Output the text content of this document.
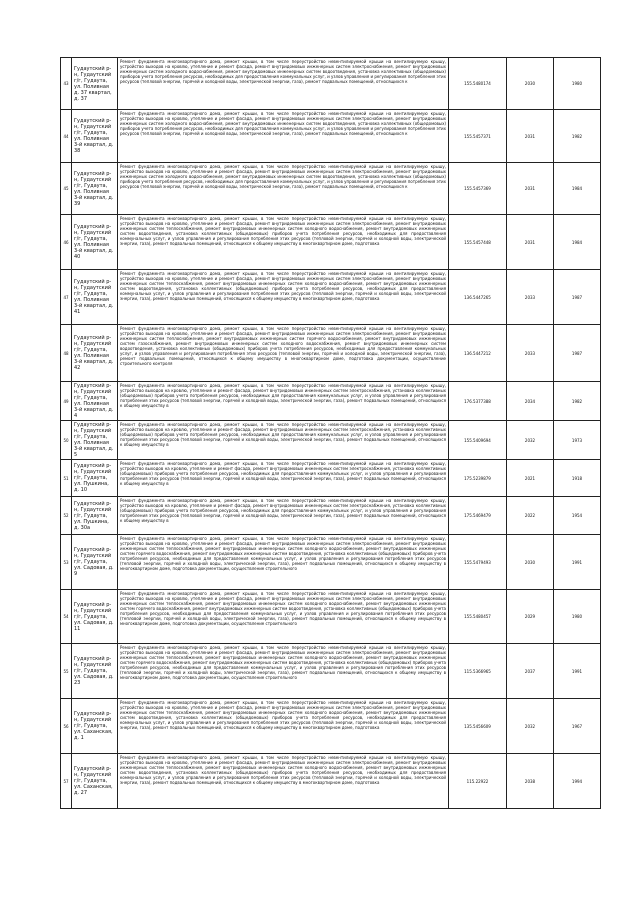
43	Гудаутский р-н, Гудаутский г/г, Гудаута, ул. Поливная д. 37 квартал, д. 37	Ремонт фундамента многоквартирного дома, ремонт крыши, в том числе переустройство невентилируемой крыши на вентилируемую крышу, устройство выходов на кровлю, утепление и ремонт фасада, ремонт внутридомовых инженерных систем электроснабжения, ремонт внутридомовых инженерных систем холодного водоснабжения, ремонт внутридомовых инженерных систем водоотведения, установка коллективных (общедомовых) приборов учета потребления ресурсов, необходимых для предоставления коммунальных услуг, и узлов управления и регулирования потребления этих ресурсов (тепловой энергии, горячей и холодной воды, электрической энергии, газа), ремонт подвальных помещений, относящихся к	155.5480174	2030	1980
44	Гудаутский р-н, Гудаутский г/г, Гудаута, ул. Поливная 3-й квартал, д. 38	Ремонт фундамента многоквартирного дома, ремонт крыши, в том числе переустройство невентилируемой крыши на вентилируемую крышу, устройство выходов на кровлю, утепление и ремонт фасада, ремонт внутридомовых инженерных систем электроснабжения, ремонт внутридомовых инженерных систем холодного водоснабжения, ремонт внутридомовых инженерных систем водоотведения, установка коллективных (общедомовых) приборов учета потребления ресурсов, необходимых для предоставления коммунальных услуг, и узлов управления и регулирования потребления этих ресурсов (тепловой энергии, горячей и холодной воды, электрической энергии, газа), ремонт подвальных помещений, относящихся к	155.5457371	2031	1982
45	Гудаутский р-н, Гудаутский г/г, Гудаута, ул. Поливная 3-й квартал, д. 39	Ремонт фундамента многоквартирного дома, ремонт крыши, в том числе переустройство невентилируемой крыши на вентилируемую крышу, устройство выходов на кровлю, утепление и ремонт фасада, ремонт внутридомовых инженерных систем электроснабжения, ремонт внутридомовых инженерных систем холодного водоснабжения, ремонт внутридомовых инженерных систем водоотведения, установка коллективных (общедомовых) приборов учета потребления ресурсов, необходимых для предоставления коммунальных услуг, и узлов управления и регулирования потребления этих ресурсов (тепловой энергии, горячей и холодной воды, электрической энергии, газа), ремонт подвальных помещений, относящихся к	155.5457369	2031	1984
46	Гудаутский р-н, Гудаутский г/г, Гудаута, ул. Поливная 3-й квартал, д. 40	Ремонт фундамента многоквартирного дома, ремонт крыши, в том числе переустройство невентилируемой крыши на вентилируемую крышу, устройство выходов на кровлю, утепление и ремонт фасада, ремонт внутридомовых инженерных систем электроснабжения, ремонт внутридомовых инженерных систем теплоснабжения, ремонт внутридомовых инженерных систем холодного водоснабжения, ремонт внутридомовых инженерных систем водоотведения, установка коллективных (общедомовых) приборов учета потребления ресурсов, необходимых для предоставления коммунальных услуг, и узлов управления и регулирования потребления этих ресурсов (тепловой энергии, горячей и холодной воды, электрической энергии, газа), ремонт подвальных помещений, относящихся к общему имуществу в многоквартирном доме, подготовка	155.5457448	2031	1984
47	Гудаутский р-н, Гудаутский г/г, Гудаута, ул. Поливная 3-й квартал, д. 41	Ремонт фундамента многоквартирного дома, ремонт крыши, в том числе переустройство невентилируемой крыши на вентилируемую крышу, устройство выходов на кровлю, утепление и ремонт фасада, ремонт внутридомовых инженерных систем электроснабжения, ремонт внутридомовых инженерных систем теплоснабжения, ремонт внутридомовых инженерных систем холодного водоснабжения, ремонт внутридомовых инженерных систем водоотведения, установка коллективных (общедомовых) приборов учета потребления ресурсов, необходимых для предоставления коммунальных услуг, и узлов управления и регулирования потребления этих ресурсов (тепловой энергии, горячей и холодной воды, электрической энергии, газа), ремонт подвальных помещений, относящихся к общему имуществу в многоквартирном доме, подготовка	136.5447265	2033	1987
48	Гудаутский р-н, Гудаутский г/г, Гудаута, ул. Поливная 3-й квартал, д. 42	Ремонт фундамента многоквартирного дома, ремонт крыши, в том числе переустройство невентилируемой крыши на вентилируемую крышу, устройство выходов на кровлю, утепление и ремонт фасада, ремонт внутридомовых инженерных систем электроснабжения, ремонт внутридомовых инженерных систем теплоснабжения, ремонт внутридомовых инженерных систем горячего водоснабжения, ремонт внутридомовых инженерных систем газоснабжения, ремонт внутридомовых инженерных систем холодного водоснабжения, ремонт внутридомовых инженерных систем водоотведения, установка коллективных (общедомовых) приборов учета потребления ресурсов, необходимых для предоставления коммунальных услуг, и узлов управления и регулирования потребления этих ресурсов (тепловой энергии, горячей и холодной воды, электрической энергии, газа), ремонт подвальных помещений, относящихся к общему имуществу в многоквартирном доме, подготовка документации, осуществление строительного контроля	136.5447212	2033	1987
49	Гудаутский р-н, Гудаутский г/г, Гудаута, ул. Поливная 3-й квартал, д. 4	Ремонт фундамента многоквартирного дома, ремонт крыши, в том числе переустройство невентилируемой крыши на вентилируемую крышу, устройство выходов на кровлю, утепление и ремонт фасада, ремонт внутридомовых инженерных систем электроснабжения, установка коллективных (общедомовых) приборов учета потребления ресурсов, необходимых для предоставления коммунальных услуг, и узлов управления и регулирования потребления этих ресурсов (тепловой энергии, горячей и холодной воды, электрической энергии, газа), ремонт подвальных помещений, относящихся к общему имуществу в	176.5377388	2034	1982
50	Гудаутский р-н, Гудаутский г/г, Гудаута, ул. Поливная 3-й квартал, д. 5	Ремонт фундамента многоквартирного дома, ремонт крыши, в том числе переустройство невентилируемой крыши на вентилируемую крышу, устройство выходов на кровлю, утепление и ремонт фасада, ремонт внутридомовых инженерных систем электроснабжения, установка коллективных (общедомовых) приборов учета потребления ресурсов, необходимых для предоставления коммунальных услуг, и узлов управления и регулирования потребления этих ресурсов (тепловой энергии, горячей и холодной воды, электрической энергии, газа), ремонт подвальных помещений, относящихся к общему имуществу в	155.5409694	2032	1973
51	Гудаутский р-н, Гудаутский г/г, Гудаута, ул. Пушкина, д. 10	Ремонт фундамента многоквартирного дома, ремонт крыши, в том числе переустройство невентилируемой крыши на вентилируемую крышу, устройство выходов на кровлю, утепление и ремонт фасада, ремонт внутридомовых инженерных систем электроснабжения, установка коллективных (общедомовых) приборов учета потребления ресурсов, необходимых для предоставления коммунальных услуг, и узлов управления и регулирования потребления этих ресурсов (тепловой энергии, горячей и холодной воды, электрической энергии, газа), ремонт подвальных помещений, относящихся к общему имуществу в	175.5239879	2021	1918
52	Гудаутский р-н, Гудаутский г/г, Гудаута, ул. Пушкина, д. 30а	Ремонт фундамента многоквартирного дома, ремонт крыши, в том числе переустройство невентилируемой крыши на вентилируемую крышу, устройство выходов на кровлю, утепление и ремонт фасада, ремонт внутридомовых инженерных систем электроснабжения, установка коллективных (общедомовых) приборов учета потребления ресурсов, необходимых для предоставления коммунальных услуг, и узлов управления и регулирования потребления этих ресурсов (тепловой энергии, горячей и холодной воды, электрической энергии, газа), ремонт подвальных помещений, относящихся к общему имуществу в	175.5469479	2022	1954
53	Гудаутский р-н, Гудаутский г/г, Гудаута, ул. Садовая, д. 9	Ремонт фундамента многоквартирного дома, ремонт крыши, в том числе переустройство невентилируемой крыши на вентилируемую крышу, устройство выходов на кровлю, утепление и ремонт фасада, ремонт внутридомовых инженерных систем электроснабжения, ремонт внутридомовых инженерных систем теплоснабжения, ремонт внутридомовых инженерных систем холодного водоснабжения, ремонт внутридомовых инженерных систем горячего водоснабжения, ремонт внутридомовых инженерных систем водоотведения, установка коллективных (общедомовых) приборов учета потребления ресурсов, необходимых для предоставления коммунальных услуг, и узлов управления и регулирования потребления этих ресурсов (тепловой энергии, горячей и холодной воды, электрической энергии, газа), ремонт подвальных помещений, относящихся к общему имуществу в многоквартирном доме, подготовка документации, осуществление строительного	155.5479493	2030	1991
54	Гудаутский р-н, Гудаутский г/г, Гудаута, ул. Садовая, д. 11	Ремонт фундамента многоквартирного дома, ремонт крыши, в том числе переустройство невентилируемой крыши на вентилируемую крышу, устройство выходов на кровлю, утепление и ремонт фасада, ремонт внутридомовых инженерных систем электроснабжения, ремонт внутридомовых инженерных систем теплоснабжения, ремонт внутридомовых инженерных систем холодного водоснабжения, ремонт внутридомовых инженерных систем горячего водоснабжения, ремонт внутридомовых инженерных систем водоотведения, установка коллективных (общедомовых) приборов учета потребления ресурсов, необходимых для предоставления коммунальных услуг, и узлов управления и регулирования потребления этих ресурсов (тепловой энергии, горячей и холодной воды, электрической энергии, газа), ремонт подвальных помещений, относящихся к общему имуществу в многоквартирном доме, подготовка документации, осуществление строительного	155.5480457	2029	1980
55	Гудаутский р-н, Гудаутский г/г, Гудаута, ул. Садовая, д. 23	Ремонт фундамента многоквартирного дома, ремонт крыши, в том числе переустройство невентилируемой крыши на вентилируемую крышу, устройство выходов на кровлю, утепление и ремонт фасада, ремонт внутридомовых инженерных систем электроснабжения, ремонт внутридомовых инженерных систем теплоснабжения, ремонт внутридомовых инженерных систем холодного водоснабжения, ремонт внутридомовых инженерных систем горячего водоснабжения, ремонт внутридомовых инженерных систем водоотведения, установка коллективных (общедомовых) приборов учета потребления ресурсов, необходимых для предоставления коммунальных услуг, и узлов управления и регулирования потребления этих ресурсов (тепловой энергии, горячей и холодной воды, электрической энергии, газа), ремонт подвальных помещений, относящихся к общему имуществу в многоквартирном доме, подготовка документации, осуществление строительного	115.5366965	2037	1991
56	Гудаутский р-н, Гудаутский г/г, Гудаута, ул. Саханская, д. 1	Ремонт фундамента многоквартирного дома, ремонт крыши, в том числе переустройство невентилируемой крыши на вентилируемую крышу, устройство выходов на кровлю, утепление и ремонт фасада, ремонт внутридомовых инженерных систем электроснабжения, ремонт внутридомовых инженерных систем теплоснабжения, ремонт внутридомовых инженерных систем холодного водоснабжения, ремонт внутридомовых инженерных систем водоотведения, установка коллективных (общедомовых) приборов учета потребления ресурсов, необходимых для предоставления коммунальных услуг, и узлов управления и регулирования потребления этих ресурсов (тепловой энергии, горячей и холодной воды, электрической энергии, газа), ремонт подвальных помещений, относящихся к общему имуществу в многоквартирном доме, подготовка	135.5456609	2032	1967
57	Гудаутский р-н, Гудаутский г/г, Гудаута, ул. Саханская, д. 27	Ремонт фундамента многоквартирного дома, ремонт крыши, в том числе переустройство невентилируемой крыши на вентилируемую крышу, устройство выходов на кровлю, утепление и ремонт фасада, ремонт внутридомовых инженерных систем электроснабжения, ремонт внутридомовых инженерных систем теплоснабжения, ремонт внутридомовых инженерных систем холодного водоснабжения, ремонт внутридомовых инженерных систем водоотведения, установка коллективных (общедомовых) приборов учета потребления ресурсов, необходимых для предоставления коммунальных услуг, и узлов управления и регулирования потребления этих ресурсов (тепловой энергии, горячей и холодной воды, электрической энергии, газа), ремонт подвальных помещений, относящихся к общему имуществу в многоквартирном доме, подготовка	115.22922	2038	1994
